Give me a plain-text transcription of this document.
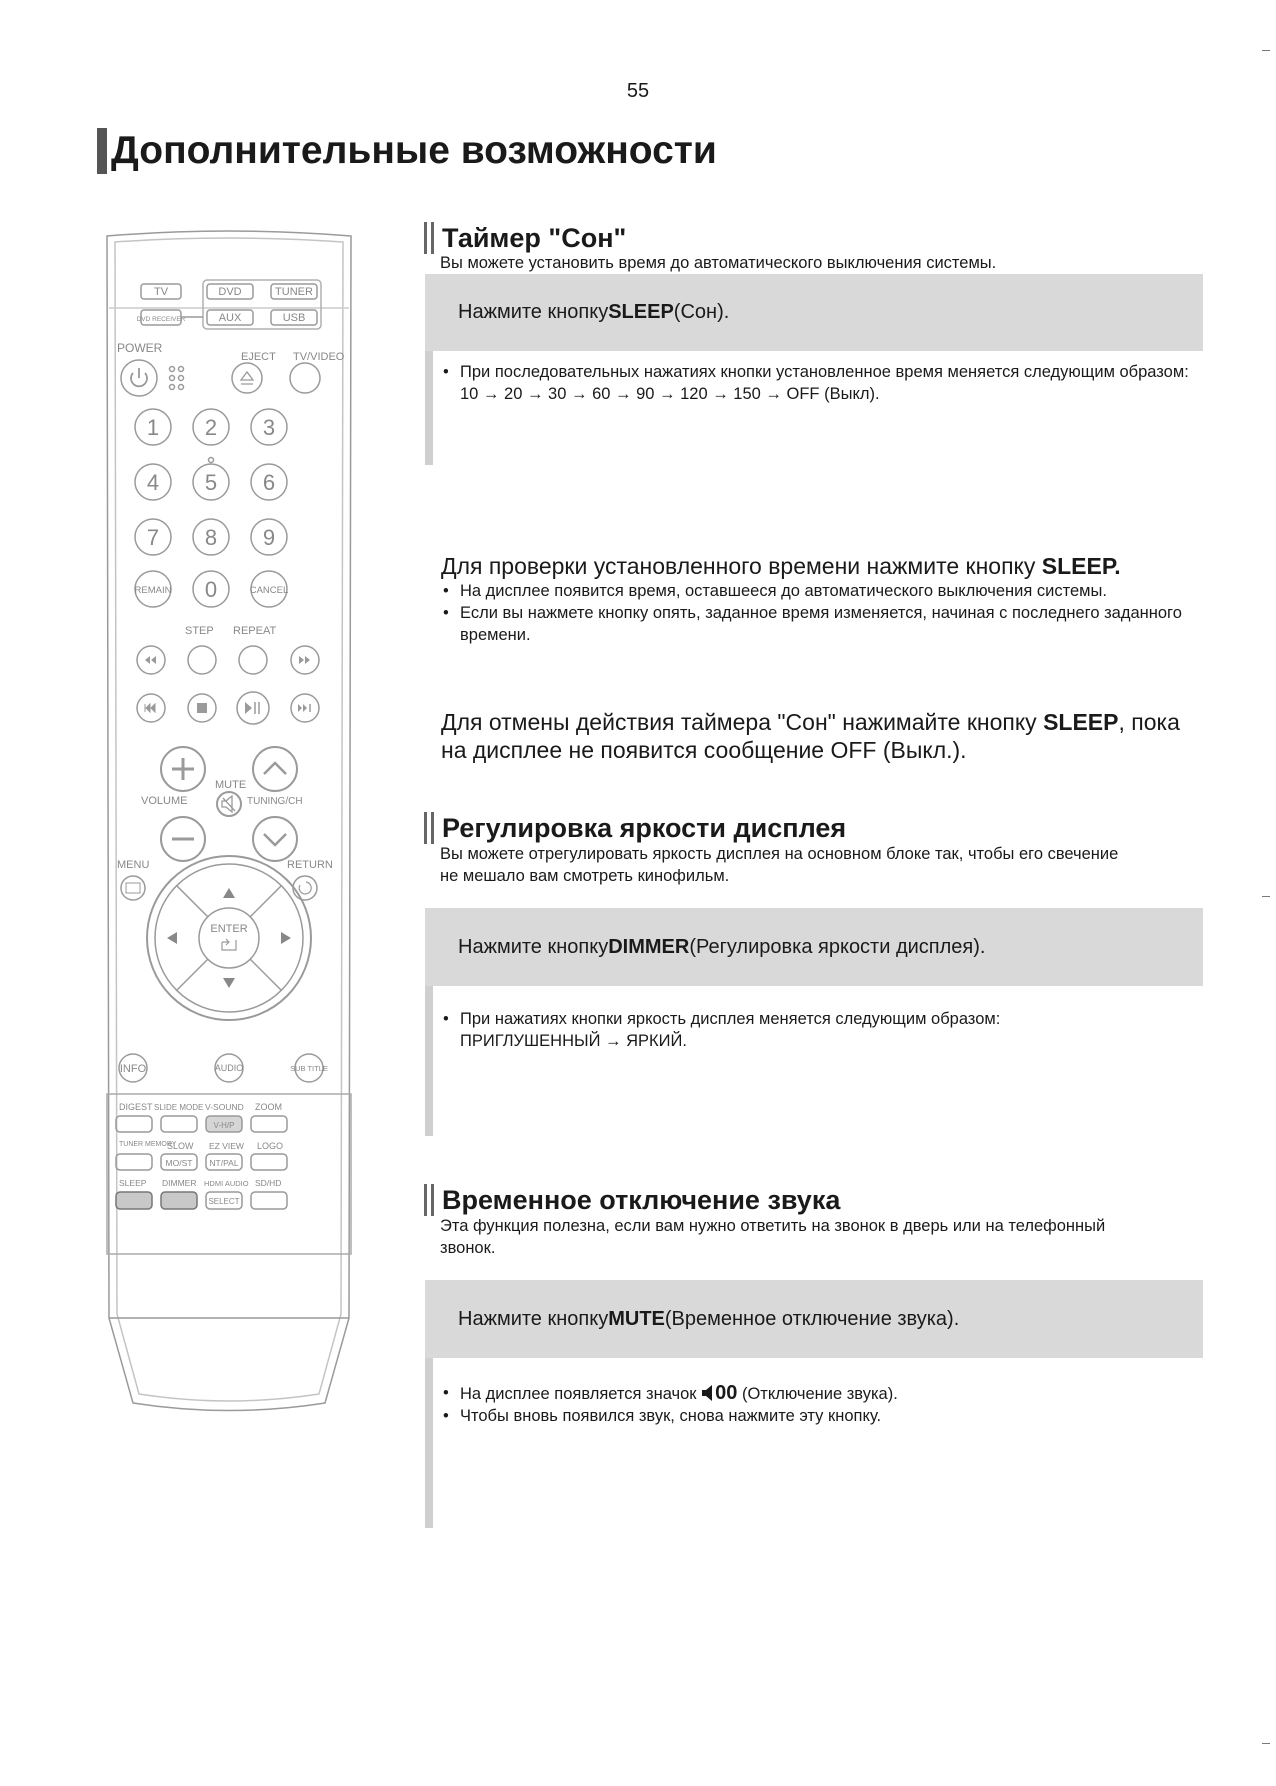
55
Дополнительные возможности
TV	DVD	TUNER
DVD RECEIVER	AUX	USB
POWER
EJECT TV/VIDEO
1 2 3
4 5 6
7 8 9
REMAIN 0	CANCEL
STEP REPEAT
MUTE
VOLUME	TUNING/CH
MENU	RETURN
ENTER
INFO	AUDIO	SUB TITLE
DIGEST SLIDE MODE V-SOUND ZOOM
V-H/P
TUNER MEMORY
SLOW EZ VIEW LOGO
MO/ST NT/PAL
SLEEP DIMMER HDMI AUDIO SD/HD
SELECT
Таймер "Сон"
Вы можете установить время до автоматического выключения системы.
Нажмите кнопку SLEEP (Сон).
• При последовательных нажатиях кнопки установленное время меняется следующим образом: 10 → 20 → 30 → 60 → 90 → 120 → 150 → OFF (Выкл).
Для проверки установленного времени нажмите кнопку SLEEP.
• На дисплее появится время, оставшееся до автоматического выключения системы.
• Если вы нажмете кнопку опять, заданное время изменяется, начиная с последнего заданного времени.
Для отмены действия таймера "Сон" нажимайте кнопку SLEEP, пока на дисплее не появится сообщение OFF (Выкл.).
Регулировка яркости дисплея
Вы можете отрегулировать яркость дисплея на основном блоке так, чтобы его свечение не мешало вам смотреть кинофильм.
Нажмите кнопку DIMMER (Регулировка яркости дисплея).
• При нажатиях кнопки яркость дисплея меняется следующим образом:
ПРИГЛУШЕННЫЙ → ЯРКИЙ.
Временное отключение звука
Эта функция полезна, если вам нужно ответить на звонок в дверь или на телефонный звонок.
Нажмите кнопку MUTE (Временное отключение звука).
• На дисплее появляется значок 00 (Отключение звука).
• Чтобы вновь появился звук, снова нажмите эту кнопку.
